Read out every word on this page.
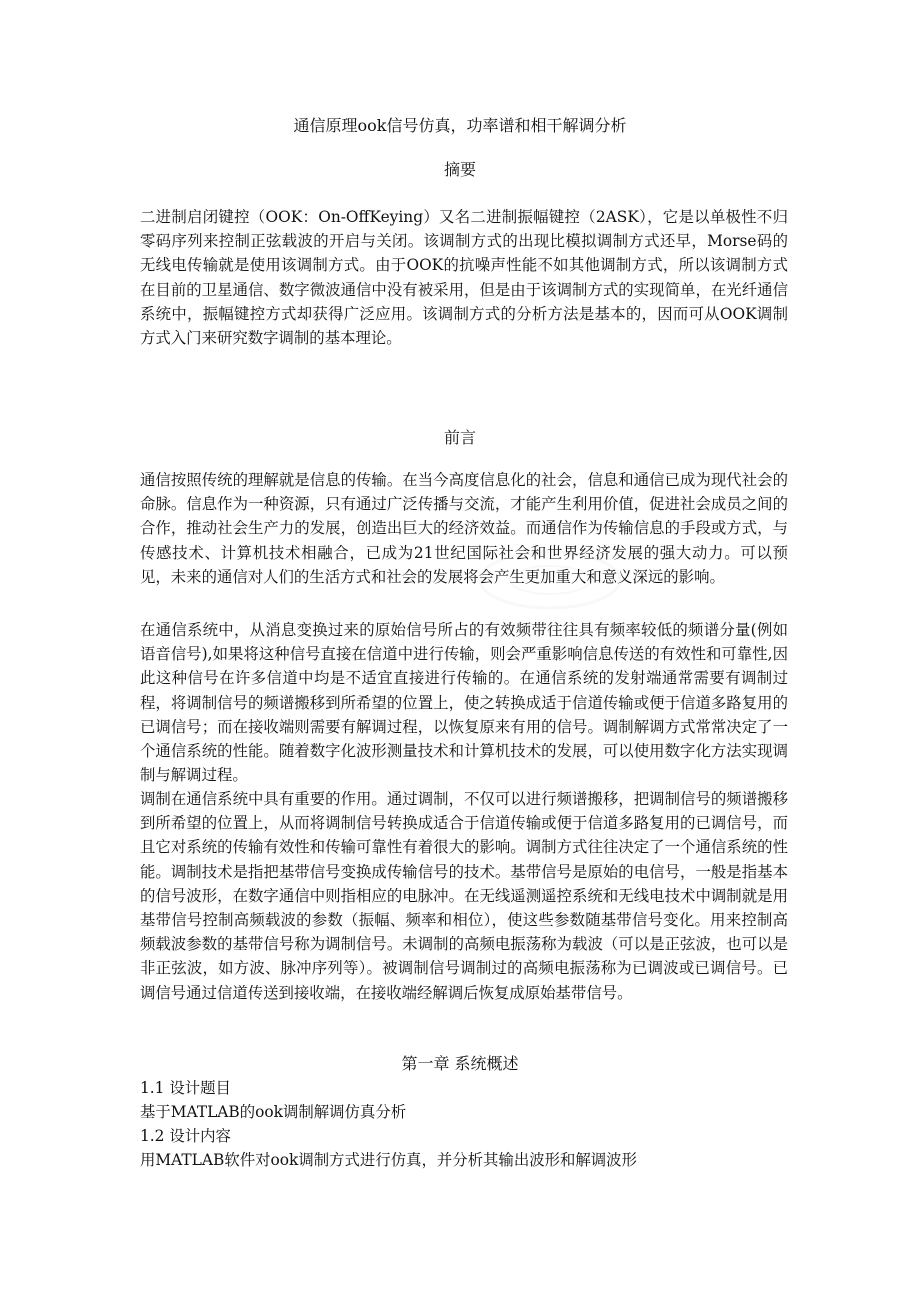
通信原理ook信号仿真，功率谱和相干解调分析
摘要

二进制启闭键控（OOK：On-OffKeying）又名二进制振幅键控（2ASK），它是以单极性不归零码序列来控制正弦载波的开启与关闭。该调制方式的出现比模拟调制方式还早，Morse码的无线电传输就是使用该调制方式。由于OOK的抗噪声性能不如其他调制方式，所以该调制方式在目前的卫星通信、数字微波通信中没有被采用，但是由于该调制方式的实现简单，在光纤通信系统中，振幅键控方式却获得广泛应用。该调制方式的分析方法是基本的，因而可从OOK调制方式入门来研究数字调制的基本理论。

前言

通信按照传统的理解就是信息的传输。在当今高度信息化的社会，信息和通信已成为现代社会的命脉。信息作为一种资源，只有通过广泛传播与交流，才能产生利用价值，促进社会成员之间的合作，推动社会生产力的发展，创造出巨大的经济效益。而通信作为传输信息的手段或方式，与传感技术、计算机技术相融合，已成为21世纪国际社会和世界经济发展的强大动力。可以预见，未来的通信对人们的生活方式和社会的发展将会产生更加重大和意义深远的影响。

在通信系统中，从消息变换过来的原始信号所占的有效频带往往具有频率较低的频谱分量(例如语音信号),如果将这种信号直接在信道中进行传输，则会严重影响信息传送的有效性和可靠性,因此这种信号在许多信道中均是不适宜直接进行传输的。在通信系统的发射端通常需要有调制过程，将调制信号的频谱搬移到所希望的位置上，使之转换成适于信道传输或便于信道多路复用的已调信号；而在接收端则需要有解调过程，以恢复原来有用的信号。调制解调方式常常决定了一个通信系统的性能。随着数字化波形测量技术和计算机技术的发展，可以使用数字化方法实现调制与解调过程。

调制在通信系统中具有重要的作用。通过调制，不仅可以进行频谱搬移，把调制信号的频谱搬移到所希望的位置上，从而将调制信号转换成适合于信道传输或便于信道多路复用的已调信号，而且它对系统的传输有效性和传输可靠性有着很大的影响。调制方式往往决定了一个通信系统的性能。调制技术是指把基带信号变换成传输信号的技术。基带信号是原始的电信号，一般是指基本的信号波形，在数字通信中则指相应的电脉冲。在无线遥测遥控系统和无线电技术中调制就是用基带信号控制高频载波的参数（振幅、频率和相位），使这些参数随基带信号变化。用来控制高频载波参数的基带信号称为调制信号。未调制的高频电振荡称为载波（可以是正弦波，也可以是非正弦波，如方波、脉冲序列等）。被调制信号调制过的高频电振荡称为已调波或已调信号。已调信号通过信道传送到接收端，在接收端经解调后恢复成原始基带信号。

第一章 系统概述
1.1 设计题目
基于MATLAB的ook调制解调仿真分析
1.2 设计内容
用MATLAB软件对ook调制方式进行仿真，并分析其输出波形和解调波形
